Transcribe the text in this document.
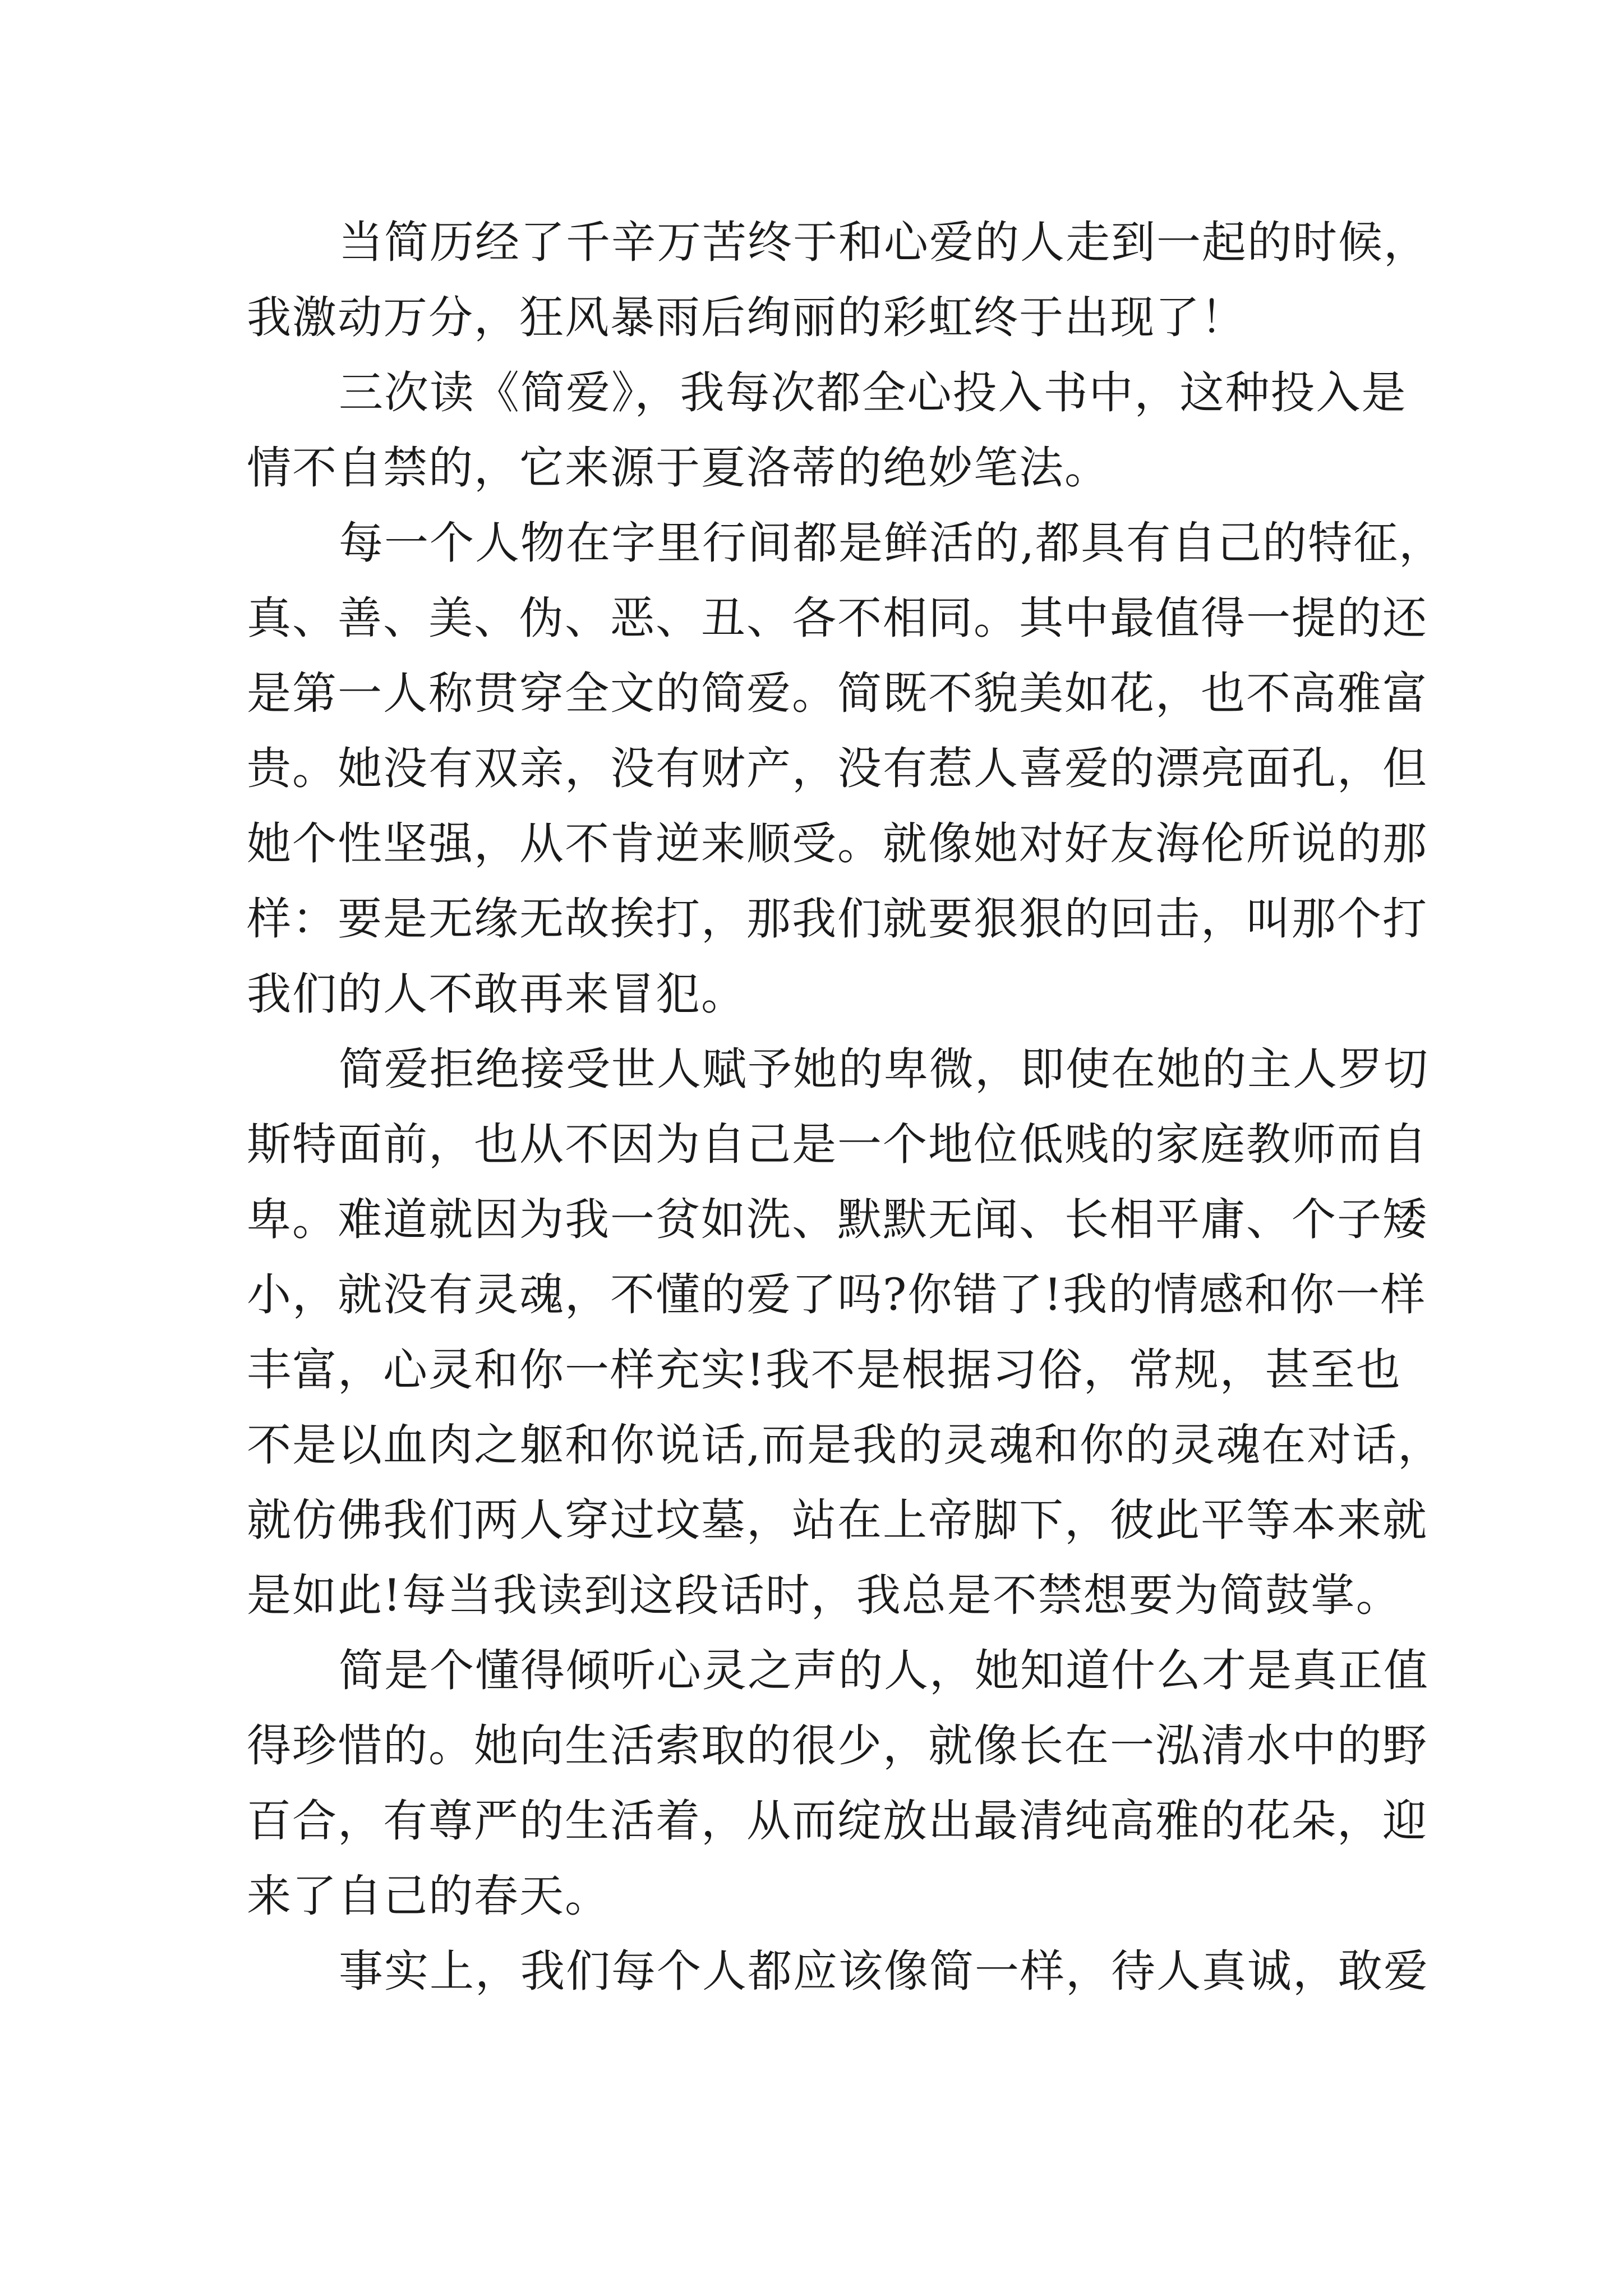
当简历经了千辛万苦终于和心爱的人走到一起的时候，
我激动万分，狂风暴雨后绚丽的彩虹终于出现了！
三次读《简爱》，我每次都全心投入书中，这种投入是
情不自禁的，它来源于夏洛蒂的绝妙笔法。
每一个人物在字里行间都是鲜活的,都具有自己的特征，
真、善、美、伪、恶、丑、各不相同。其中最值得一提的还
是第一人称贯穿全文的简爱。简既不貌美如花，也不高雅富
贵。她没有双亲，没有财产，没有惹人喜爱的漂亮面孔，但
她个性坚强，从不肯逆来顺受。就像她对好友海伦所说的那
样：要是无缘无故挨打，那我们就要狠狠的回击，叫那个打
我们的人不敢再来冒犯。
简爱拒绝接受世人赋予她的卑微，即使在她的主人罗切
斯特面前，也从不因为自己是一个地位低贱的家庭教师而自
卑。难道就因为我一贫如洗、默默无闻、长相平庸、个子矮
小，就没有灵魂，不懂的爱了吗?你错了!我的情感和你一样
丰富，心灵和你一样充实!我不是根据习俗，常规，甚至也
不是以血肉之躯和你说话,而是我的灵魂和你的灵魂在对话，
就仿佛我们两人穿过坟墓，站在上帝脚下，彼此平等本来就
是如此!每当我读到这段话时，我总是不禁想要为简鼓掌。
简是个懂得倾听心灵之声的人，她知道什么才是真正值
得珍惜的。她向生活索取的很少，就像长在一泓清水中的野
百合，有尊严的生活着，从而绽放出最清纯高雅的花朵，迎
来了自己的春天。
事实上，我们每个人都应该像简一样，待人真诚，敢爱
